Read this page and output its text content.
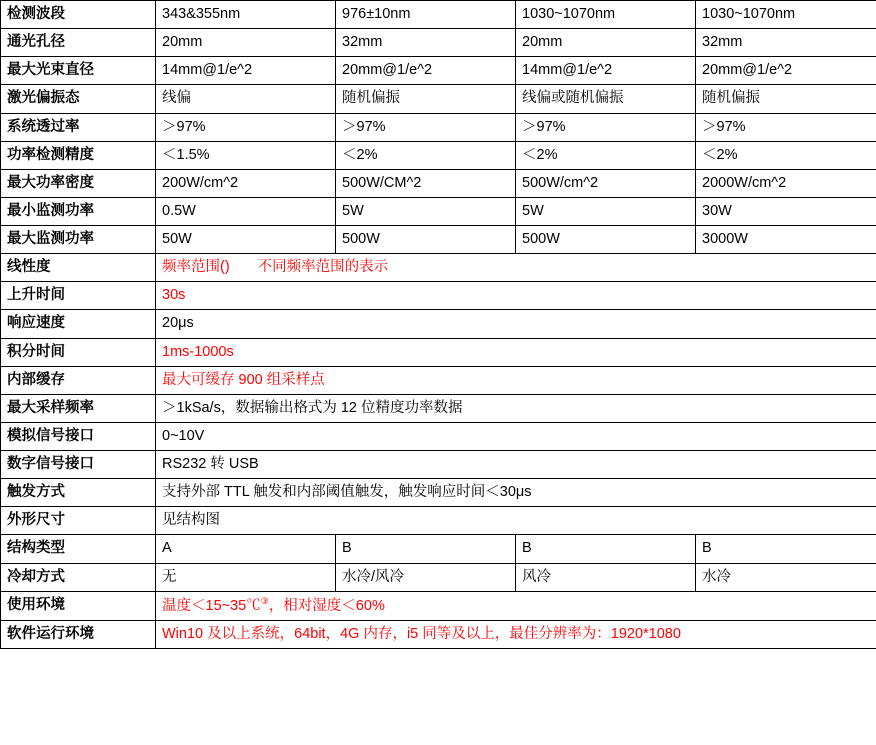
检测波段	343&355nm	976±10nm	1030~1070nm	1030~1070nm
通光孔径	20mm	32mm	20mm	32mm
最大光束直径	14mm@1/e^2	20mm@1/e^2	14mm@1/e^2	20mm@1/e^2
激光偏振态	线偏	随机偏振	线偏或随机偏振	随机偏振
系统透过率	＞97%	＞97%	＞97%	＞97%
功率检测精度	＜1.5%	＜2%	＜2%	＜2%
最大功率密度	200W/cm^2	500W/CM^2	500W/cm^2	2000W/cm^2
最小监测功率	0.5W	5W	5W	30W
最大监测功率	50W	500W	500W	3000W
线性度	频率范围() 不同频率范围的表示			
上升时间	30s			
响应速度	20μs			
积分时间	1ms-1000s			
内部缓存	最大可缓存 900 组采样点			
最大采样频率	＞1kSa/s，数据输出格式为 12 位精度功率数据			
模拟信号接口	0~10V			
数字信号接口	RS232 转 USB			
触发方式	支持外部 TTL 触发和内部阈值触发，触发响应时间＜30μs			
外形尺寸	见结构图			
结构类型	A	B	B	B
冷却方式	无	水冷/风冷	风冷	水冷
使用环境	温度＜15~35℃③，相对湿度＜60%			
软件运行环境	Win10 及以上系统，64bit，4G 内存，i5 同等及以上，最佳分辨率为：1920*1080			
